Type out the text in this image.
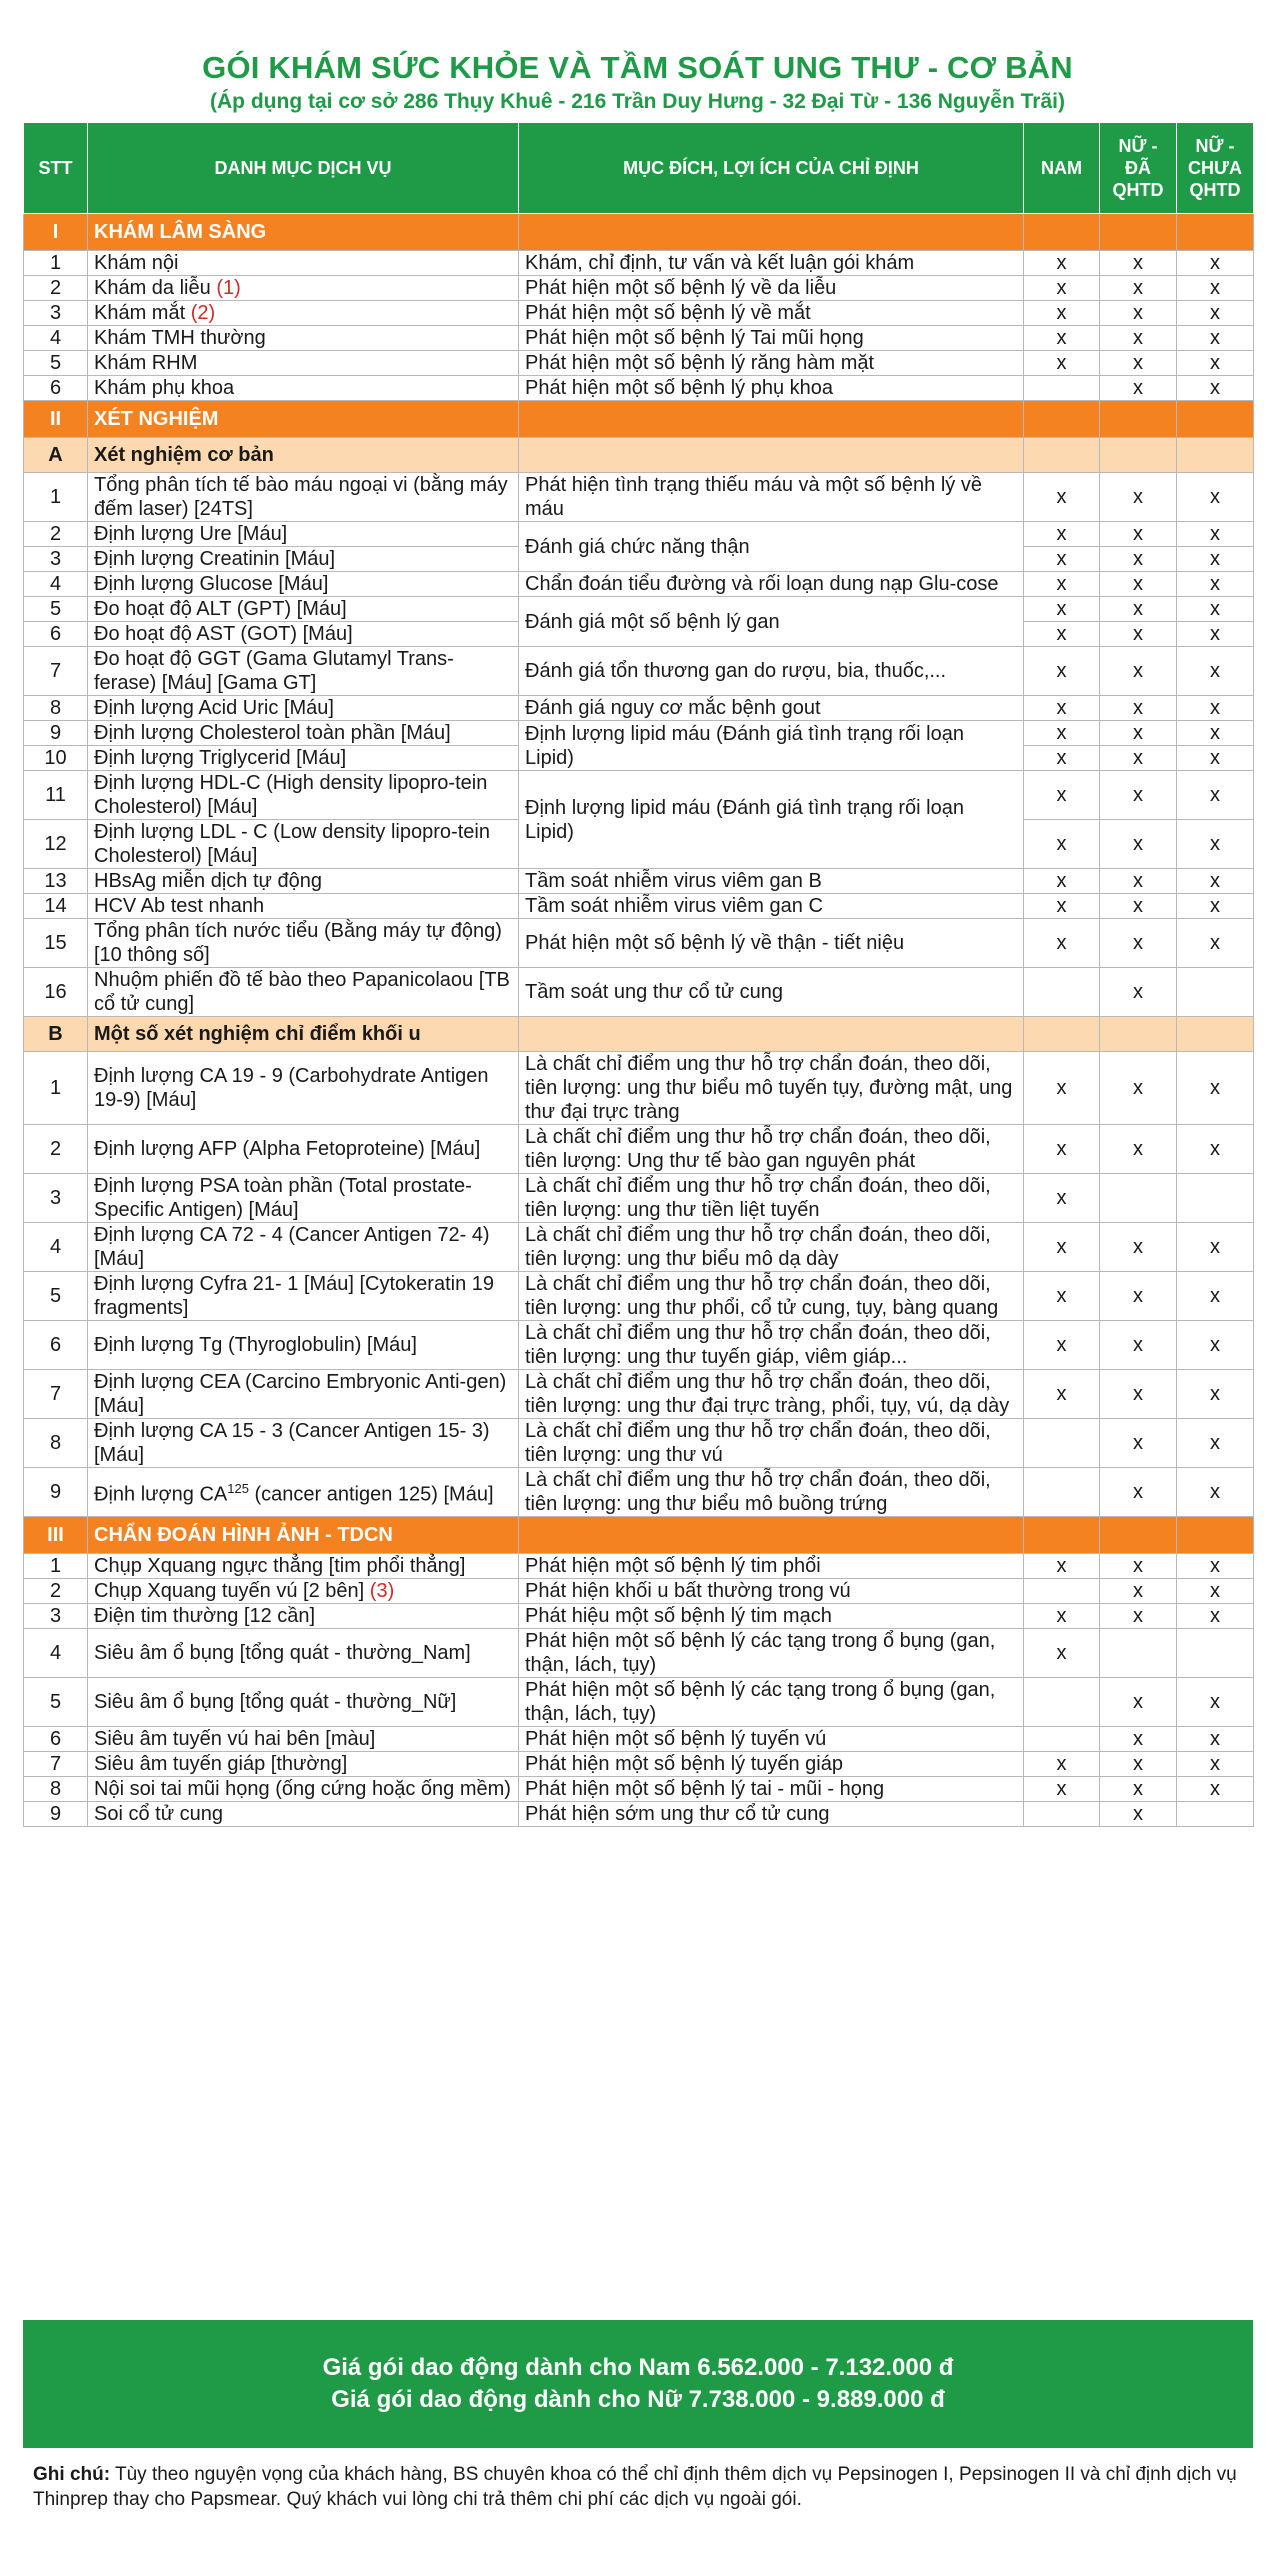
GÓI KHÁM SỨC KHỎE VÀ TẦM SOÁT UNG THƯ - CƠ BẢN
(Áp dụng tại cơ sở 286 Thụy Khuê - 216 Trần Duy Hưng - 32 Đại Từ - 136 Nguyễn Trãi)
STT	DANH MỤC DỊCH VỤ	MỤC ĐÍCH, LỢI ÍCH CỦA CHỈ ĐỊNH	NAM	NỮ - ĐÃ QHTD	NỮ - CHƯA QHTD
I	KHÁM LÂM SÀNG				
1	Khám nội	Khám, chỉ định, tư vấn và kết luận gói khám	x	x	x
2	Khám da liễu (1)	Phát hiện một số bệnh lý về da liễu	x	x	x
3	Khám mắt (2)	Phát hiện một số bệnh lý về mắt	x	x	x
4	Khám TMH thường	Phát hiện một số bệnh lý Tai mũi họng	x	x	x
5	Khám RHM	Phát hiện một số bệnh lý răng hàm mặt	x	x	x
6	Khám phụ khoa	Phát hiện một số bệnh lý phụ khoa		x	x
II	XÉT NGHIỆM				
A	Xét nghiệm cơ bản				
1	Tổng phân tích tế bào máu ngoại vi (bằng máy đếm laser) [24TS]	Phát hiện tình trạng thiếu máu và một số bệnh lý về máu	x	x	x
2	Định lượng Ure [Máu]	Đánh giá chức năng thận	x	x	x
3	Định lượng Creatinin [Máu]		x	x	x
4	Định lượng Glucose [Máu]	Chẩn đoán tiểu đường và rối loạn dung nạp Glu-cose	x	x	x
5	Đo hoạt độ ALT (GPT) [Máu]	Đánh giá một số bệnh lý gan	x	x	x
6	Đo hoạt độ AST (GOT) [Máu]		x	x	x
7	Đo hoạt độ GGT (Gama Glutamyl Trans-ferase) [Máu] [Gama GT]	Đánh giá tổn thương gan do rượu, bia, thuốc,...	x	x	x
8	Định lượng Acid Uric [Máu]	Đánh giá nguy cơ mắc bệnh gout	x	x	x
9	Định lượng Cholesterol toàn phần [Máu]	Định lượng lipid máu (Đánh giá tình trạng rối loạn Lipid)	x	x	x
10	Định lượng Triglycerid [Máu]		x	x	x
11	Định lượng HDL-C (High density lipopro-tein Cholesterol) [Máu]	Định lượng lipid máu (Đánh giá tình trạng rối loạn Lipid)	x	x	x
12	Định lượng LDL - C (Low density lipopro-tein Cholesterol) [Máu]		x	x	x
13	HBsAg miễn dịch tự động	Tầm soát nhiễm virus viêm gan B	x	x	x
14	HCV Ab test nhanh	Tầm soát nhiễm virus viêm gan C	x	x	x
15	Tổng phân tích nước tiểu (Bằng máy tự động) [10 thông số]	Phát hiện một số bệnh lý về thận - tiết niệu	x	x	x
16	Nhuộm phiến đồ tế bào theo Papanicolaou [TB cổ tử cung]	Tầm soát ung thư cổ tử cung		x	
B	Một số xét nghiệm chỉ điểm khối u				
1	Định lượng CA 19 - 9 (Carbohydrate Antigen 19-9) [Máu]	Là chất chỉ điểm ung thư hỗ trợ chẩn đoán, theo dõi, tiên lượng: ung thư biểu mô tuyến tụy, đường mật, ung thư đại trực tràng	x	x	x
2	Định lượng AFP (Alpha Fetoproteine) [Máu]	Là chất chỉ điểm ung thư hỗ trợ chẩn đoán, theo dõi, tiên lượng: Ung thư tế bào gan nguyên phát	x	x	x
3	Định lượng PSA toàn phần (Total prostate-Specific Antigen) [Máu]	Là chất chỉ điểm ung thư hỗ trợ chẩn đoán, theo dõi, tiên lượng: ung thư tiền liệt tuyến	x		
4	Định lượng CA 72 - 4 (Cancer Antigen 72- 4) [Máu]	Là chất chỉ điểm ung thư hỗ trợ chẩn đoán, theo dõi, tiên lượng: ung thư biểu mô dạ dày	x	x	x
5	Định lượng Cyfra 21- 1 [Máu] [Cytokeratin 19 fragments]	Là chất chỉ điểm ung thư hỗ trợ chẩn đoán, theo dõi, tiên lượng: ung thư phổi, cổ tử cung, tụy, bàng quang	x	x	x
6	Định lượng Tg (Thyroglobulin) [Máu]	Là chất chỉ điểm ung thư hỗ trợ chẩn đoán, theo dõi, tiên lượng: ung thư tuyến giáp, viêm giáp...	x	x	x
7	Định lượng CEA (Carcino Embryonic Anti-gen) [Máu]	Là chất chỉ điểm ung thư hỗ trợ chẩn đoán, theo dõi, tiên lượng: ung thư đại trực tràng, phổi, tụy, vú, dạ dày	x	x	x
8	Định lượng CA 15 - 3 (Cancer Antigen 15- 3) [Máu]	Là chất chỉ điểm ung thư hỗ trợ chẩn đoán, theo dõi, tiên lượng: ung thư vú		x	x
9	Định lượng CA$^{125}$ (cancer antigen 125) [Máu]	Là chất chỉ điểm ung thư hỗ trợ chẩn đoán, theo dõi, tiên lượng: ung thư biểu mô buồng trứng		x	x
III	CHẨN ĐOÁN HÌNH ẢNH - TDCN				
1	Chụp Xquang ngực thẳng [tim phổi thẳng]	Phát hiện một số bệnh lý tim phổi	x	x	x
2	Chụp Xquang tuyến vú [2 bên] (3)	Phát hiện khối u bất thường trong vú		x	x
3	Điện tim thường [12 cần]	Phát hiệu một số bệnh lý tim mạch	x	x	x
4	Siêu âm ổ bụng [tổng quát - thường_Nam]	Phát hiện một số bệnh lý các tạng trong ổ bụng (gan, thận, lách, tụy)	x		
5	Siêu âm ổ bụng [tổng quát - thường_Nữ]	Phát hiện một số bệnh lý các tạng trong ổ bụng (gan, thận, lách, tụy)		x	x
6	Siêu âm tuyến vú hai bên [màu]	Phát hiện một số bệnh lý tuyến vú		x	x
7	Siêu âm tuyến giáp [thường]	Phát hiện một số bệnh lý tuyến giáp	x	x	x
8	Nội soi tai mũi họng (ống cứng hoặc ống mềm)	Phát hiện một số bệnh lý tai - mũi - họng	x	x	x
9	Soi cổ tử cung	Phát hiện sớm ung thư cổ tử cung		x	
Giá gói dao động dành cho Nam 6.562.000 - 7.132.000 đ
Giá gói dao động dành cho Nữ 7.738.000 - 9.889.000 đ
Ghi chú: Tùy theo nguyện vọng của khách hàng, BS chuyên khoa có thể chỉ định thêm dịch vụ Pepsinogen I, Pepsinogen II và chỉ định dịch vụ Thinprep thay cho Papsmear. Quý khách vui lòng chi trả thêm chi phí các dịch vụ ngoài gói.
